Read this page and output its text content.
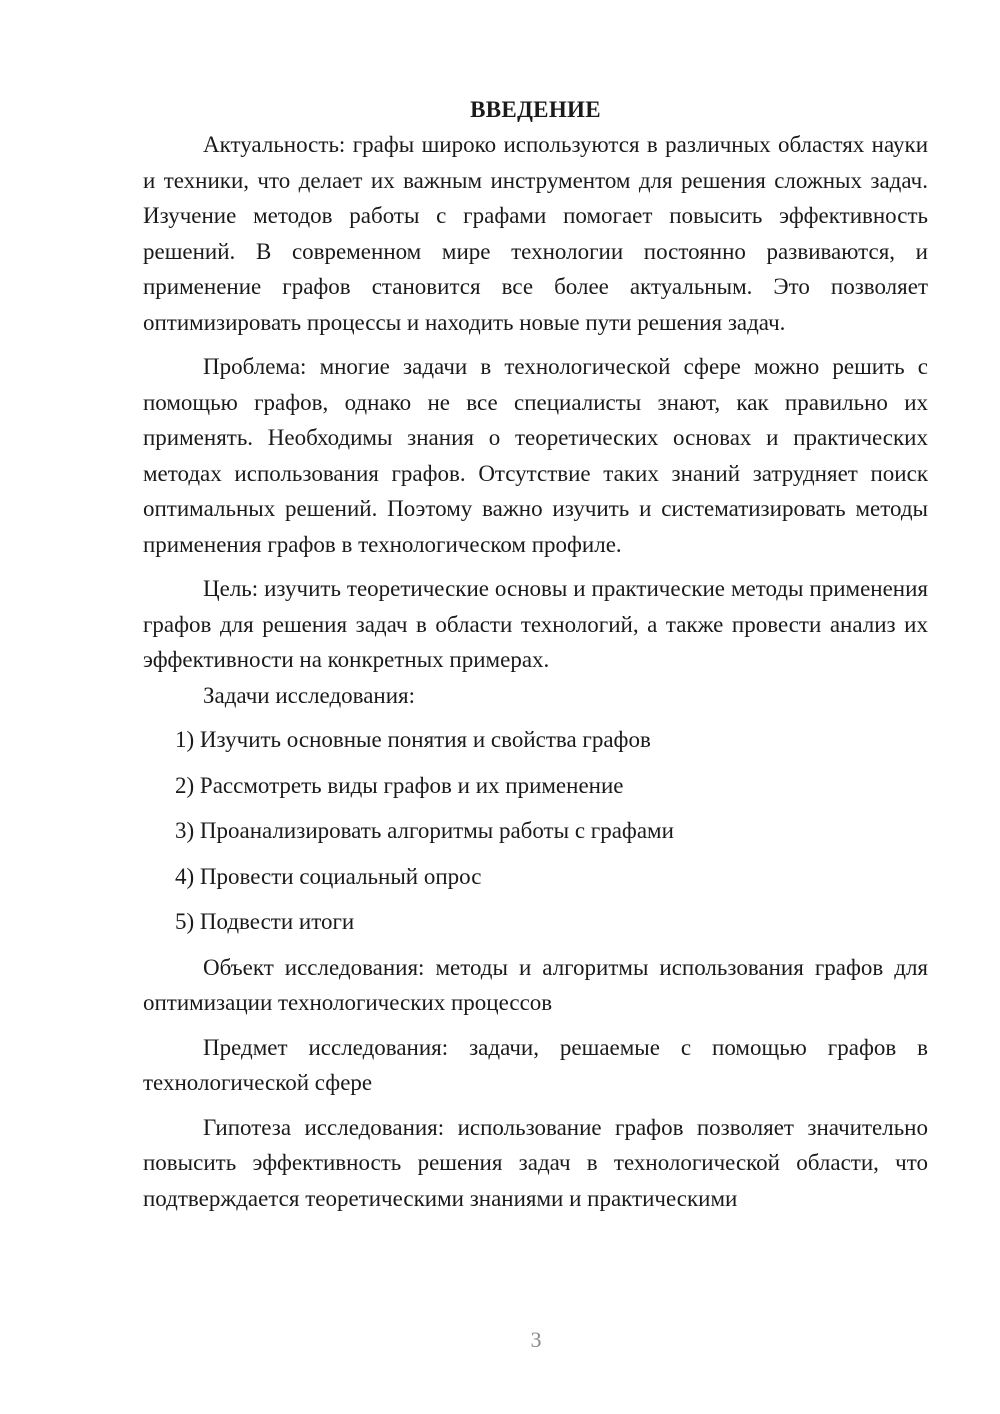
ВВЕДЕНИЕ

Актуальность: графы широко используются в различных областях науки и техники, что делает их важным инструментом для решения сложных задач. Изучение методов работы с графами помогает повысить эффективность решений. В современном мире технологии постоянно развиваются, и применение графов становится все более актуальным. Это позволяет оптимизировать процессы и находить новые пути решения задач.

Проблема: многие задачи в технологической сфере можно решить с помощью графов, однако не все специалисты знают, как правильно их применять. Необходимы знания о теоретических основах и практических методах использования графов. Отсутствие таких знаний затрудняет поиск оптимальных решений. Поэтому важно изучить и систематизировать методы применения графов в технологическом профиле.

Цель: изучить теоретические основы и практические методы применения графов для решения задач в области технологий, а также провести анализ их эффективности на конкретных примерах.

Задачи исследования:

1) Изучить основные понятия и свойства графов
2) Рассмотреть виды графов и их применение
3) Проанализировать алгоритмы работы с графами
4) Провести социальный опрос
5) Подвести итоги

Объект исследования: методы и алгоритмы использования графов для оптимизации технологических процессов

Предмет исследования: задачи, решаемые с помощью графов в технологической сфере

Гипотеза исследования: использование графов позволяет значительно повысить эффективность решения задач в технологической области, что подтверждается теоретическими знаниями и практическими

3
